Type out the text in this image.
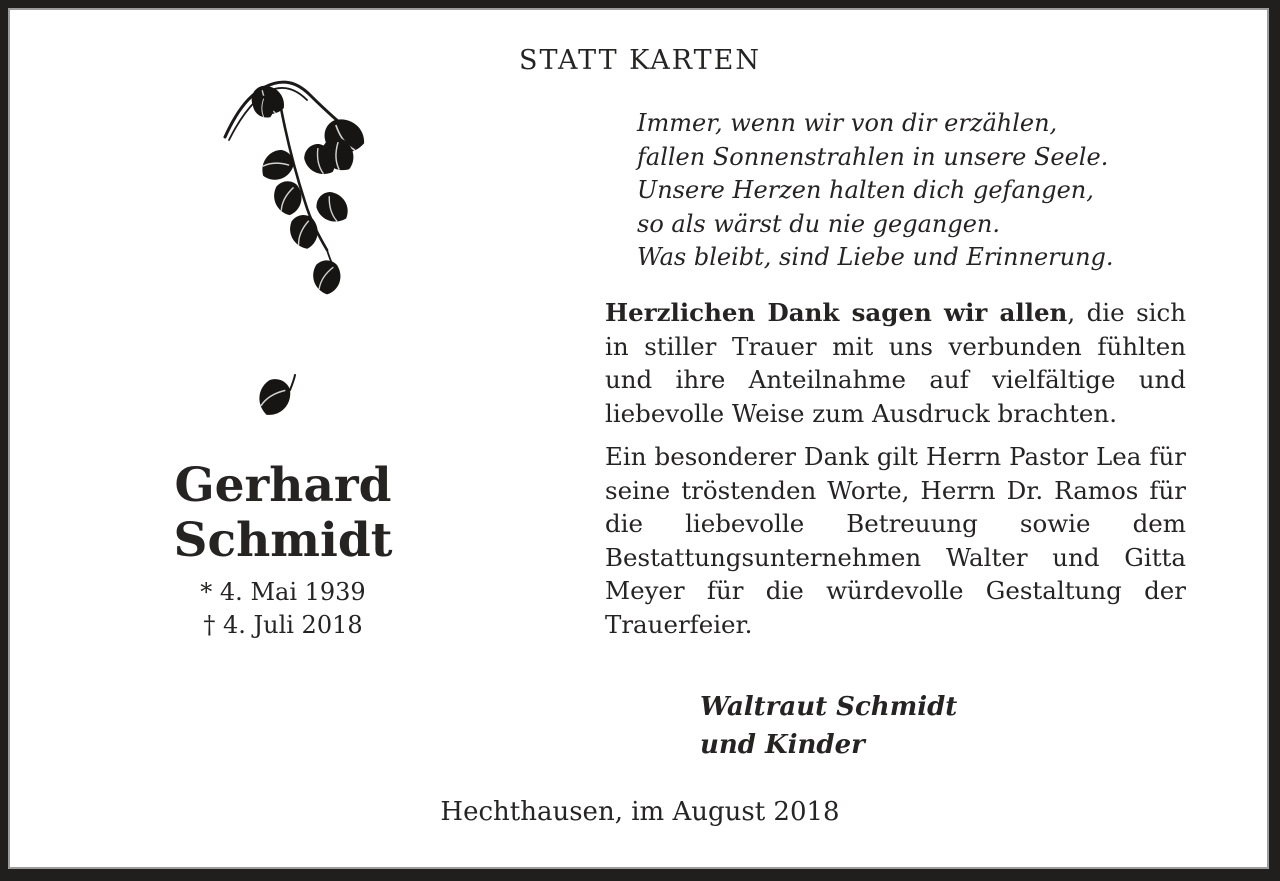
STATT KARTEN
Immer, wenn wir von dir erzählen,
fallen Sonnenstrahlen in unsere Seele.
Unsere Herzen halten dich gefangen,
so als wärst du nie gegangen.
Was bleibt, sind Liebe und Erinnerung.

Herzlichen Dank sagen wir allen, die sich in stiller Trauer mit uns verbunden fühlten und ihre Anteilnahme auf vielfältige und liebevolle Weise zum Ausdruck brachten.

Ein besonderer Dank gilt Herrn Pastor Lea für seine tröstenden Worte, Herrn Dr. Ramos für die liebevolle Betreuung sowie dem Bestattungsunternehmen Walter und Gitta Meyer für die würdevolle Gestaltung der Trauerfeier.

Gerhard
Schmidt
* 4. Mai 1939
† 4. Juli 2018
Waltraut Schmidt
und Kinder
Hechthausen, im August 2018
